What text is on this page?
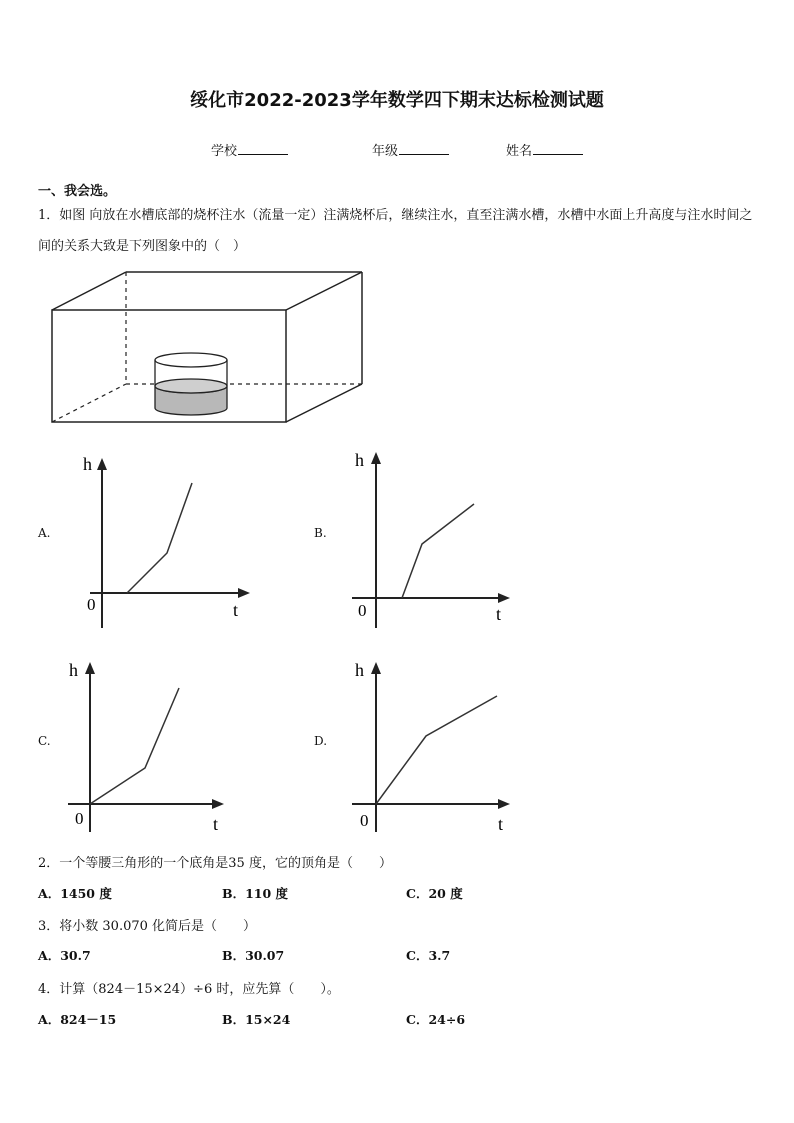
绥化市2022-2023学年数学四下期末达标检测试题
学校	年级	姓名
一、我会选。
1．如图 向放在水槽底部的烧杯注水（流量一定）注满烧杯后，继续注水，直至注满水槽，水槽中水面上升高度与注水时间之间的关系大致是下列图象中的（　）
A.
h
t
0
B.
h
t
0
C.
h
t
0
D.
h
t
0
2．一个等腰三角形的一个底角是35 度，它的顶角是（　　）
A．1450 度	B．110 度	C．20 度
3．将小数 30.070 化简后是（　　）
A．30.7	B．30.07	C．3.7
4．计算（824－15×24）÷6 时，应先算（　　）。
A．824－15	B．15×24	C．24÷6
